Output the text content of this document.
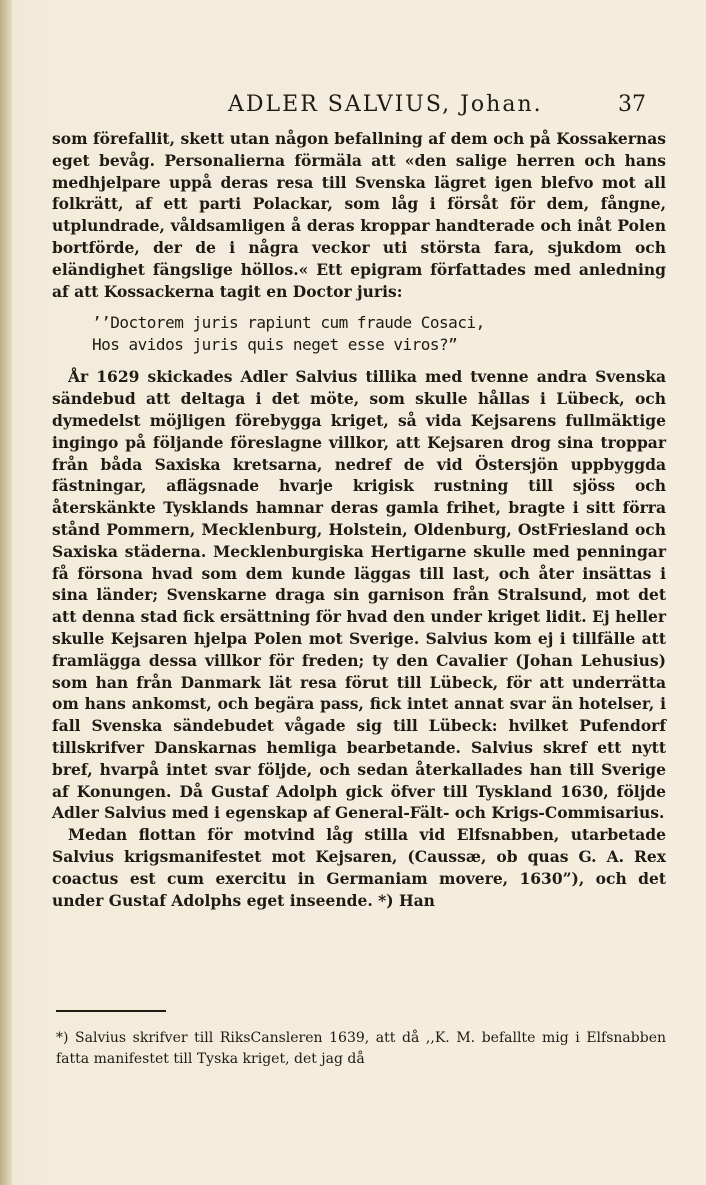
ADLER SALVIUS, Johan.	37

som förefallit, skett utan någon befallning af dem och på Kossakernas eget bevåg. Personalierna förmäla att «den salige herren och hans medhjelpare uppå deras resa till Svenska lägret igen blefvo mot all folkrätt, af ett parti Polackar, som låg i försåt för dem, fångne, utplundrade, våldsamligen å deras kroppar handterade och inåt Polen bortförde, der de i några veckor uti största fara, sjukdom och eländighet fängslige höllos.« Ett epigram författades med anledning af att Kossackerna tagit en Doctor juris:

’’Doctorem juris rapiunt cum fraude Cosaci,
Hos avidos juris quis neget esse viros?”

År 1629 skickades Adler Salvius tillika med tvenne andra Svenska sändebud att deltaga i det möte, som skulle hållas i Lübeck, och dymedelst möjligen förebygga kriget, så vida Kejsarens fullmäktige ingingo på följande föreslagne villkor, att Kejsaren drog sina troppar från båda Saxiska kretsarna, nedref de vid Östersjön uppbyggda fästningar, aflägsnade hvarje krigisk rustning till sjöss och återskänkte Tysklands hamnar deras gamla frihet, bragte i sitt förra stånd Pommern, Mecklenburg, Holstein, Oldenburg, OstFriesland och Saxiska städerna. Mecklenburgiska Hertigarne skulle med penningar få försona hvad som dem kunde läggas till last, och åter insättas i sina länder; Svenskarne draga sin garnison från Stralsund, mot det att denna stad fick ersättning för hvad den under kriget lidit. Ej heller skulle Kejsaren hjelpa Polen mot Sverige. Salvius kom ej i tillfälle att framlägga dessa villkor för freden; ty den Cavalier (Johan Lehusius) som han från Danmark lät resa förut till Lübeck, för att underrätta om hans ankomst, och begära pass, fick intet annat svar än hotelser, i fall Svenska sändebudet vågade sig till Lübeck: hvilket Pufendorf tillskrifver Danskarnas hemliga bearbetande. Salvius skref ett nytt bref, hvarpå intet svar följde, och sedan återkallades han till Sverige af Konungen. Då Gustaf Adolph gick öfver till Tyskland 1630, följde Adler Salvius med i egenskap af General-Fält- och Krigs-Commisarius.

Medan flottan för motvind låg stilla vid Elfsnabben, utarbetade Salvius krigsmanifestet mot Kejsaren, (Caussæ, ob quas G. A. Rex coactus est cum exercitu in Germaniam movere, 1630”), och det under Gustaf Adolphs eget inseende. *) Han

*) Salvius skrifver till RiksCansleren 1639, att då ,,K. M. befallte mig i Elfsnabben fatta manifestet till Tyska kriget, det jag då
